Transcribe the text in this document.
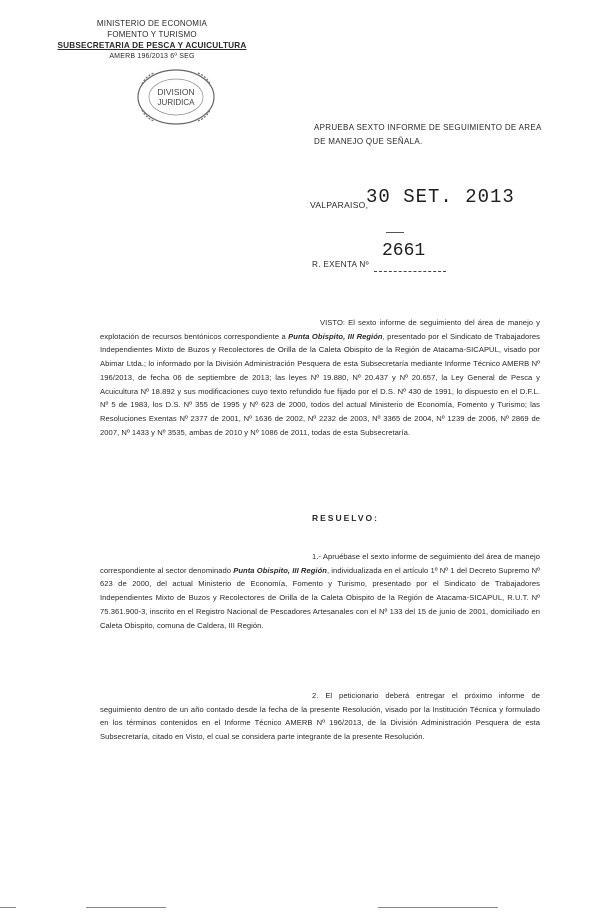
MINISTERIO DE ECONOMIA
FOMENTO Y TURISMO
SUBSECRETARIA DE PESCA Y ACUICULTURA
AMERB 196/2013 6º SEG
DIVISION
JURIDICA
APRUEBA SEXTO INFORME DE SEGUIMIENTO DE AREA DE MANEJO QUE SEÑALA.
VALPARAISO,
30 SET. 2013
2661
R. EXENTA Nº

VISTO: El sexto informe de seguimiento del área de manejo y explotación de recursos bentónicos correspondiente a Punta Obispito, III Región, presentado por el Sindicato de Trabajadores Independientes Mixto de Buzos y Recolectores de Orilla de la Caleta Obispito de la Región de Atacama-SICAPUL, visado por Abimar Ltda.; lo informado por la División Administración Pesquera de esta Subsecretaría mediante Informe Técnico AMERB Nº 196/2013, de fecha 06 de septiembre de 2013; las leyes Nº 19.880, Nº 20.437 y Nº 20.657, la Ley General de Pesca y Acuicultura Nº 18.892 y sus modificaciones cuyo texto refundido fue fijado por el D.S. Nº 430 de 1991, lo dispuesto en el D.F.L. Nº 5 de 1983, los D.S. Nº 355 de 1995 y Nº 623 de 2000, todos del actual Ministerio de Economía, Fomento y Turismo; las Resoluciones Exentas Nº 2377 de 2001, Nº 1636 de 2002, Nº 2232 de 2003, Nº 3365 de 2004, Nº 1239 de 2006, Nº 2869 de 2007, Nº 1433 y Nº 3535, ambas de 2010 y Nº 1086 de 2011, todas de esta Subsecretaría.

RESUELVO:

1.- Apruébase el sexto informe de seguimiento del área de manejo correspondiente al sector denominado Punta Obispito, III Región, individualizada en el artículo 1º Nº 1 del Decreto Supremo Nº 623 de 2000, del actual Ministerio de Economía, Fomento y Turismo, presentado por el Sindicato de Trabajadores Independientes Mixto de Buzos y Recolectores de Orilla de la Caleta Obispito de la Región de Atacama-SICAPUL, R.U.T. Nº 75.361.900-3, inscrito en el Registro Nacional de Pescadores Artesanales con el Nº 133 del 15 de junio de 2001, domiciliado en Caleta Obispito, comuna de Caldera, III Región.

2. El peticionario deberá entregar el próximo informe de seguimiento dentro de un año contado desde la fecha de la presente Resolución, visado por la Institución Técnica y formulado en los términos contenidos en el Informe Técnico AMERB Nº 196/2013, de la División Administración Pesquera de esta Subsecretaría, citado en Visto, el cual se considera parte integrante de la presente Resolución.
